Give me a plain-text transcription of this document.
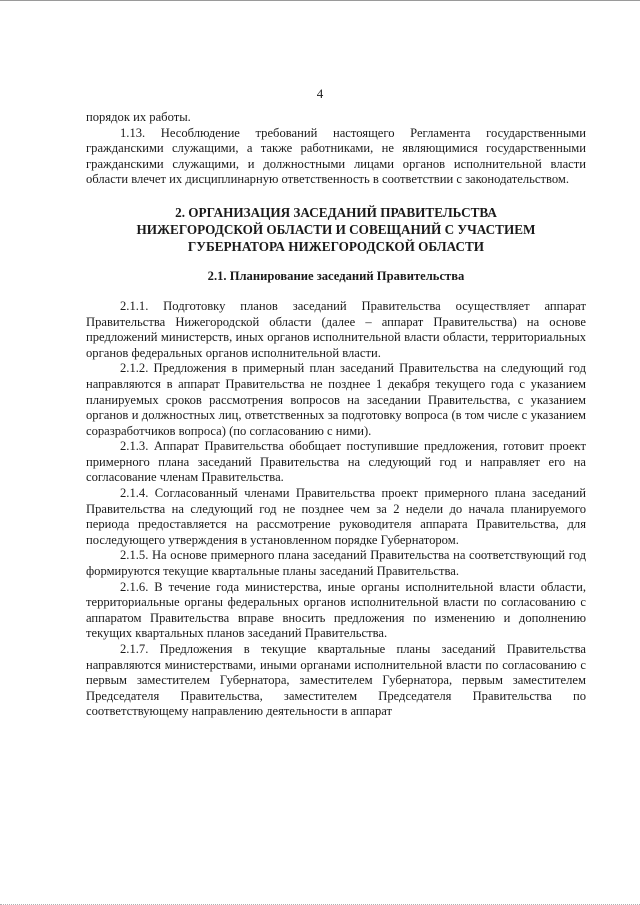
4

порядок их работы.

1.13. Несоблюдение требований настоящего Регламента государственными гражданскими служащими, а также работниками, не являющимися государственными гражданскими служащими, и должностными лицами органов исполнительной власти области влечет их дисциплинарную ответственность в соответствии с законодательством.

2. ОРГАНИЗАЦИЯ ЗАСЕДАНИЙ ПРАВИТЕЛЬСТВА
НИЖЕГОРОДСКОЙ ОБЛАСТИ И СОВЕЩАНИЙ С УЧАСТИЕМ
ГУБЕРНАТОРА НИЖЕГОРОДСКОЙ ОБЛАСТИ
2.1. Планирование заседаний Правительства

2.1.1. Подготовку планов заседаний Правительства осуществляет аппарат Правительства Нижегородской области (далее – аппарат Правительства) на основе предложений министерств, иных органов исполнительной власти области, территориальных органов федеральных органов исполнительной власти.

2.1.2. Предложения в примерный план заседаний Правительства на следующий год направляются в аппарат Правительства не позднее 1 декабря текущего года с указанием планируемых сроков рассмотрения вопросов на заседании Правительства, с указанием органов и должностных лиц, ответственных за подготовку вопроса (в том числе с указанием соразработчиков вопроса) (по согласованию с ними).

2.1.3. Аппарат Правительства обобщает поступившие предложения, готовит проект примерного плана заседаний Правительства на следующий год и направляет его на согласование членам Правительства.

2.1.4. Согласованный членами Правительства проект примерного плана заседаний Правительства на следующий год не позднее чем за 2 недели до начала планируемого периода предоставляется на рассмотрение руководителя аппарата Правительства, для последующего утверждения в установленном порядке Губернатором.

2.1.5. На основе примерного плана заседаний Правительства на соответствующий год формируются текущие квартальные планы заседаний Правительства.

2.1.6. В течение года министерства, иные органы исполнительной власти области, территориальные органы федеральных органов исполнительной власти по согласованию с аппаратом Правительства вправе вносить предложения по изменению и дополнению текущих квартальных планов заседаний Правительства.

2.1.7. Предложения в текущие квартальные планы заседаний Правительства направляются министерствами, иными органами исполнительной власти по согласованию с первым заместителем Губернатора, заместителем Губернатора, первым заместителем Председателя Правительства, заместителем Председателя Правительства по соответствующему направлению деятельности в аппарат
